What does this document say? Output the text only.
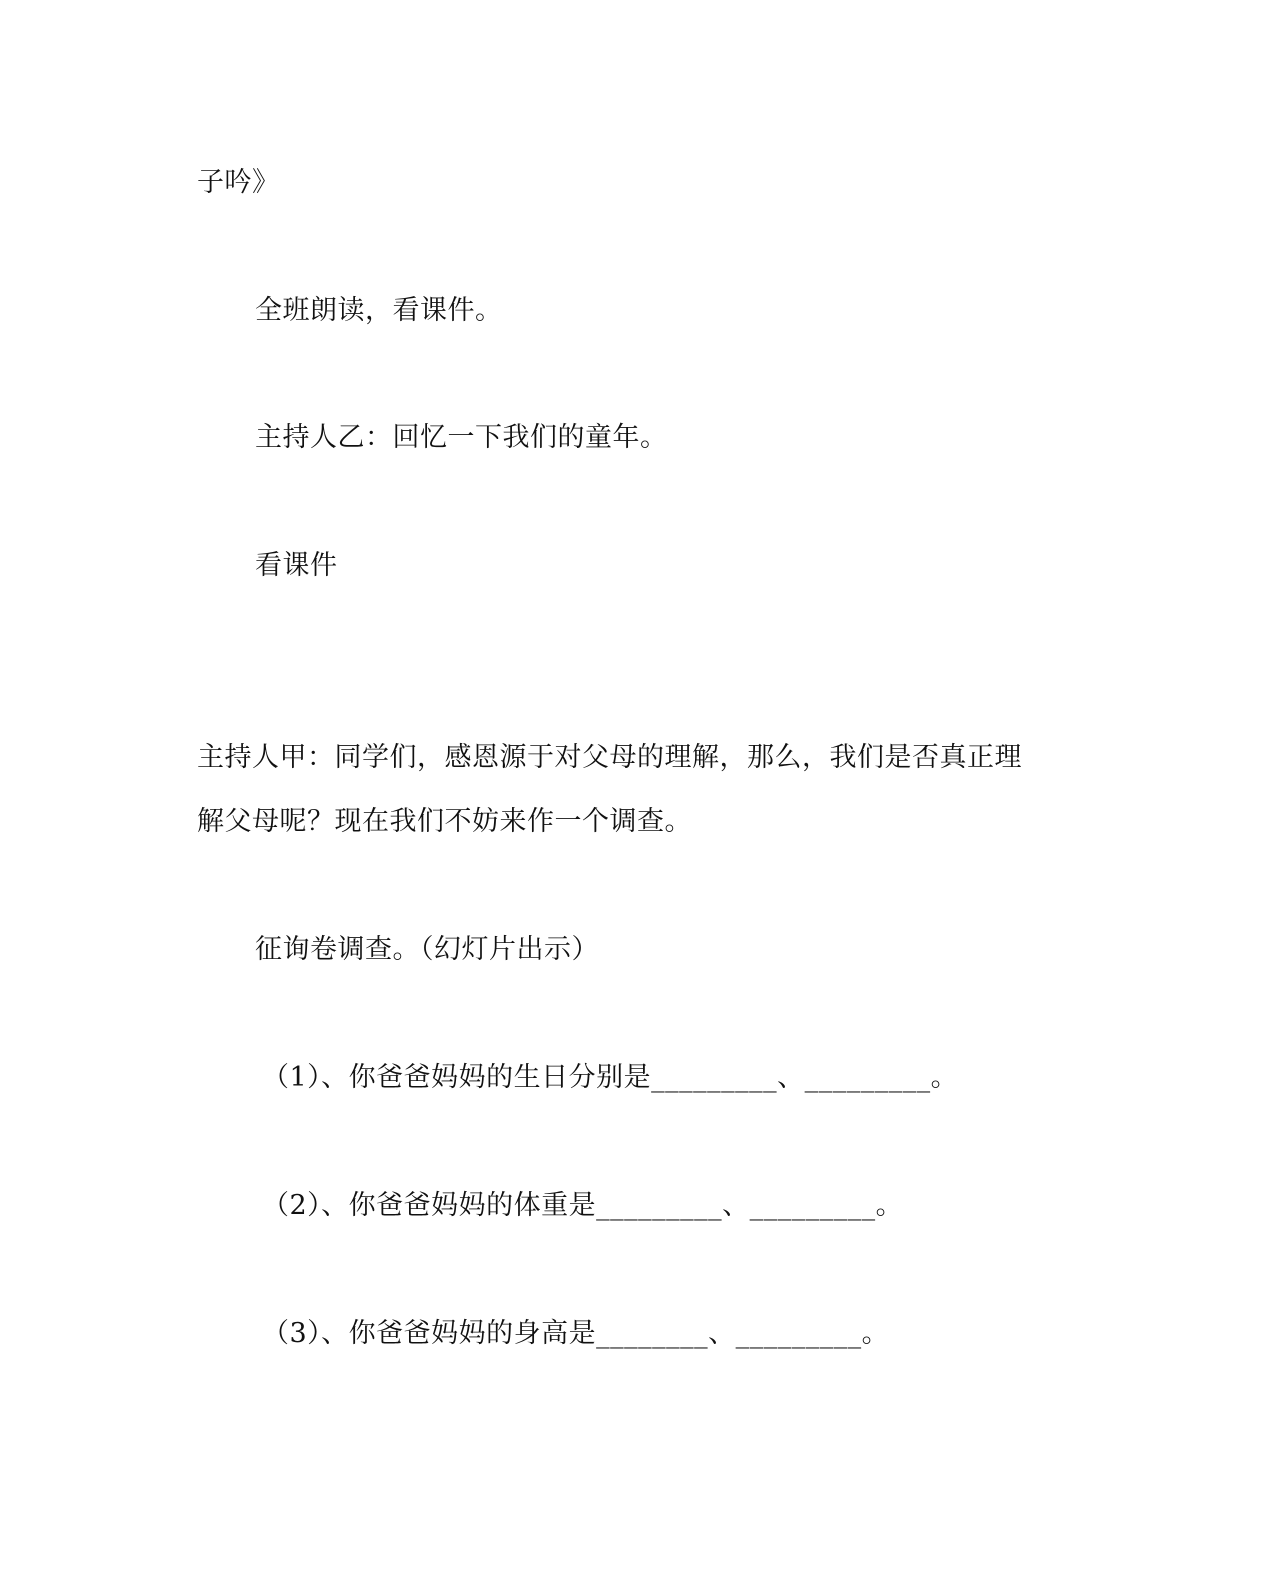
子吟》
全班朗读，看课件。
主持人乙：回忆一下我们的童年。
看课件
主持人甲：同学们，感恩源于对父母的理解，那么，我们是否真正理
解父母呢？现在我们不妨来作一个调查。
征询卷调查。（幻灯片出示）
（1）、你爸爸妈妈的生日分别是_________、_________。
（2）、你爸爸妈妈的体重是_________、_________。
（3）、你爸爸妈妈的身高是________、_________。
